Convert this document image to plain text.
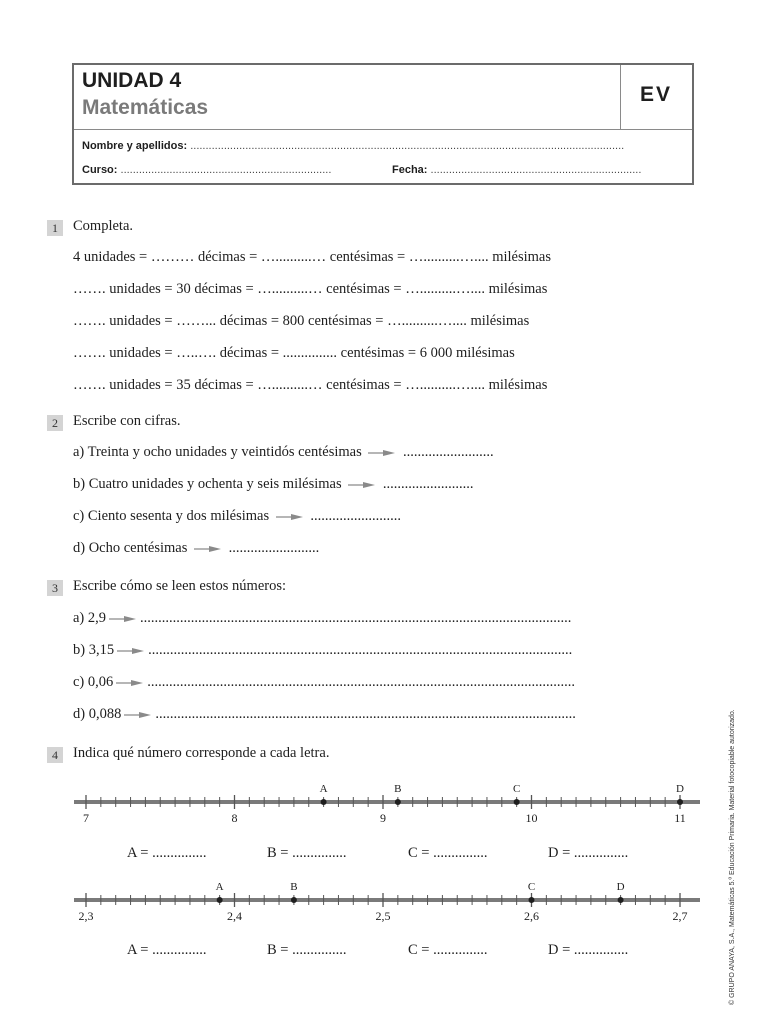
UNIDAD 4
Matemáticas
EV
Nombre y apellidos: ..............................................................................................................................................
Curso: .....................................................................	Fecha: .....................................................................
1	Completa.
4 unidades = ……… décimas = …..........… centésimas = …..........….... milésimas
……. unidades = 30 décimas = …..........… centésimas = …..........….... milésimas
……. unidades = ……... décimas = 800 centésimas = …..........….... milésimas
……. unidades = …..…. décimas = ............... centésimas = 6 000 milésimas
……. unidades = 35 décimas = …..........… centésimas = …..........….... milésimas
2	Escribe con cifras.
a) Treinta y ocho unidades y veintidós centésimas	.........................
b) Cuatro unidades y ochenta y seis milésimas	.........................
c) Ciento sesenta y dos milésimas	.........................
d) Ocho centésimas	.........................
3	Escribe cómo se leen estos números:
a) 2,9 .......................................................................................................................
b) 3,15 .....................................................................................................................
c) 0,06 ......................................................................................................................
d) 0,088 ....................................................................................................................
4	Indica qué número corresponde a cada letra.
7	8	9	10	11
A	B	C	D
A = ...............	B = ...............	C = ...............	D = ...............
2,3	2,4	2,5	2,6	2,7
A	B	C	D
A = ...............	B = ...............	C = ...............	D = ...............	© GRUPO ANAYA, S.A., Matemáticas 5.º Educación Primaria. Material fotocopiable autorizado.
